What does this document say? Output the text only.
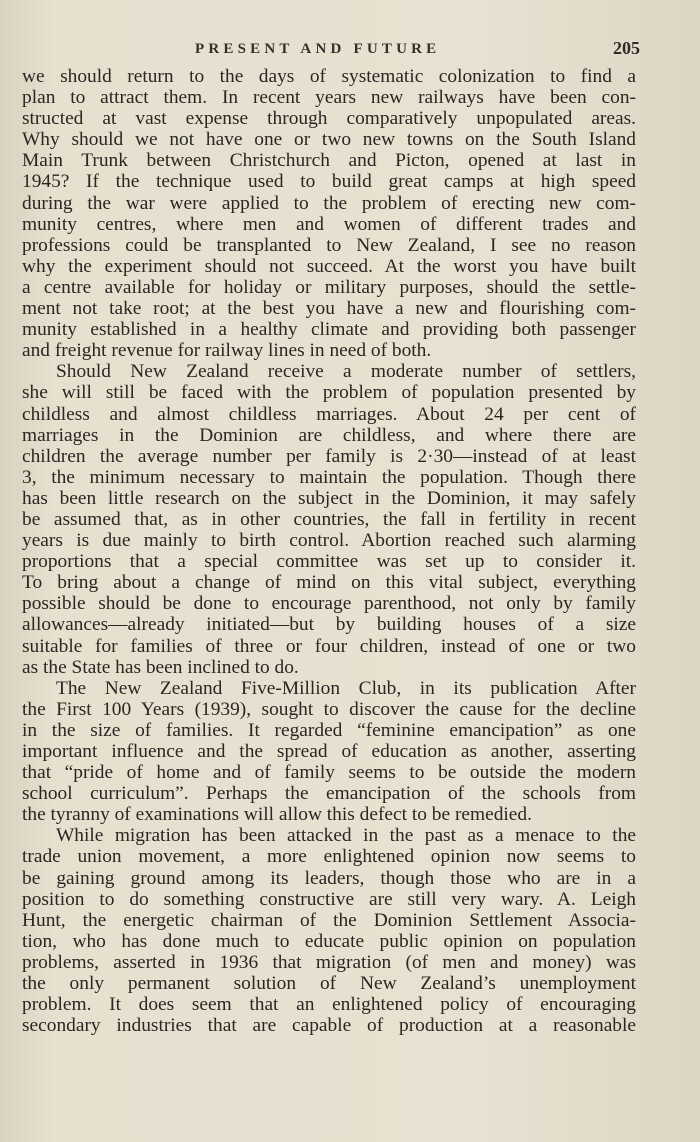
PRESENT AND FUTURE	205
we should return to the days of systematic colonization to find a
plan to attract them. In recent years new railways have been con-
structed at vast expense through comparatively unpopulated areas.
Why should we not have one or two new towns on the South Island
Main Trunk between Christchurch and Picton, opened at last in
1945? If the technique used to build great camps at high speed
during the war were applied to the problem of erecting new com-
munity centres, where men and women of different trades and
professions could be transplanted to New Zealand, I see no reason
why the experiment should not succeed. At the worst you have built
a centre available for holiday or military purposes, should the settle-
ment not take root; at the best you have a new and flourishing com-
munity established in a healthy climate and providing both passenger
and freight revenue for railway lines in need of both.
Should New Zealand receive a moderate number of settlers,
she will still be faced with the problem of population presented by
childless and almost childless marriages. About 24 per cent of
marriages in the Dominion are childless, and where there are
children the average number per family is 2·30—instead of at least
3, the minimum necessary to maintain the population. Though there
has been little research on the subject in the Dominion, it may safely
be assumed that, as in other countries, the fall in fertility in recent
years is due mainly to birth control. Abortion reached such alarming
proportions that a special committee was set up to consider it.
To bring about a change of mind on this vital subject, everything
possible should be done to encourage parenthood, not only by family
allowances—already initiated—but by building houses of a size
suitable for families of three or four children, instead of one or two
as the State has been inclined to do.
The New Zealand Five-Million Club, in its publication After
the First 100 Years (1939), sought to discover the cause for the decline
in the size of families. It regarded “feminine emancipation” as one
important influence and the spread of education as another, asserting
that “pride of home and of family seems to be outside the modern
school curriculum”. Perhaps the emancipation of the schools from
the tyranny of examinations will allow this defect to be remedied.
While migration has been attacked in the past as a menace to the
trade union movement, a more enlightened opinion now seems to
be gaining ground among its leaders, though those who are in a
position to do something constructive are still very wary. A. Leigh
Hunt, the energetic chairman of the Dominion Settlement Associa-
tion, who has done much to educate public opinion on population
problems, asserted in 1936 that migration (of men and money) was
the only permanent solution of New Zealand’s unemployment
problem. It does seem that an enlightened policy of encouraging
secondary industries that are capable of production at a reasonable
